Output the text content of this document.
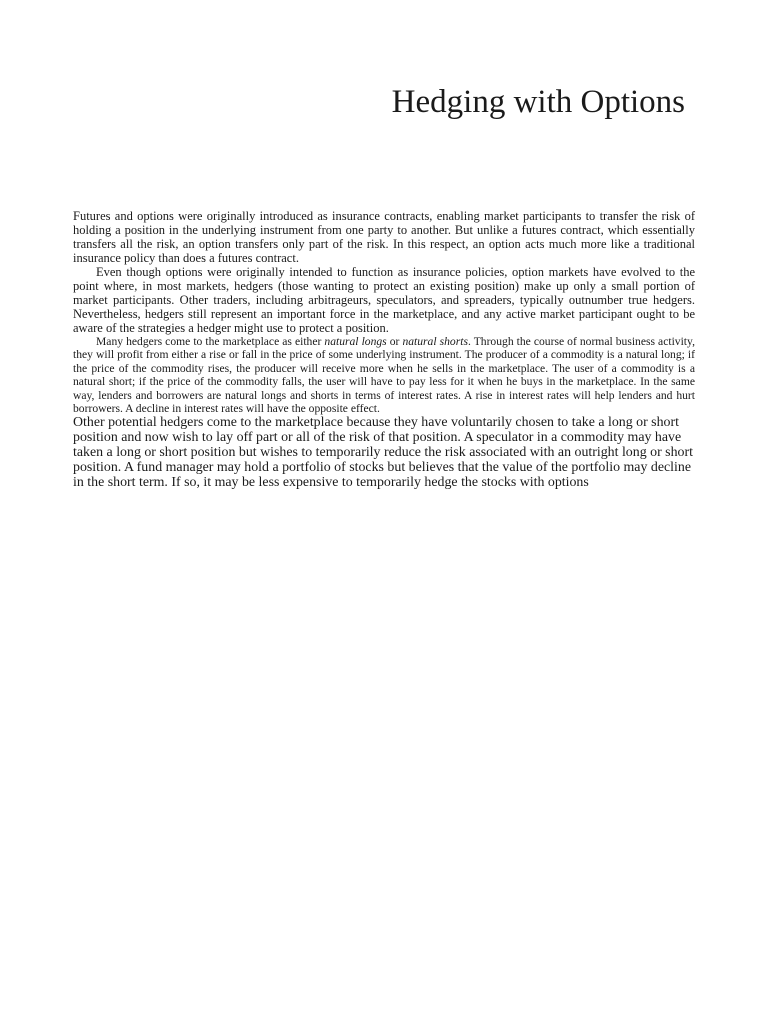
Hedging with Options

Futures and options were originally introduced as insurance contracts, enabling market participants to transfer the risk of holding a position in the underlying instrument from one party to another. But unlike a futures contract, which essentially transfers all the risk, an option transfers only part of the risk. In this respect, an option acts much more like a traditional insurance policy than does a futures contract.

Even though options were originally intended to function as insurance policies, option markets have evolved to the point where, in most markets, hedgers (those wanting to protect an existing position) make up only a small portion of market participants. Other traders, including arbitrageurs, speculators, and spreaders, typically outnumber true hedgers. Nevertheless, hedgers still represent an important force in the marketplace, and any active market participant ought to be aware of the strategies a hedger might use to protect a position.

Many hedgers come to the marketplace as either natural longs or natural shorts. Through the course of normal business activity, they will profit from either a rise or fall in the price of some underlying instrument. The producer of a commodity is a natural long; if the price of the commodity rises, the producer will receive more when he sells in the marketplace. The user of a commodity is a natural short; if the price of the commodity falls, the user will have to pay less for it when he buys in the marketplace. In the same way, lenders and borrowers are natural longs and shorts in terms of interest rates. A rise in interest rates will help lenders and hurt borrowers. A decline in interest rates will have the opposite effect.

Other potential hedgers come to the marketplace because they have voluntarily chosen to take a long or short position and now wish to lay off part or all of the risk of that position. A speculator in a commodity may have taken a long or short position but wishes to temporarily reduce the risk associated with an outright long or short position. A fund manager may hold a portfolio of stocks but believes that the value of the portfolio may decline in the short term. If so, it may be less expensive to temporarily hedge the stocks with options
